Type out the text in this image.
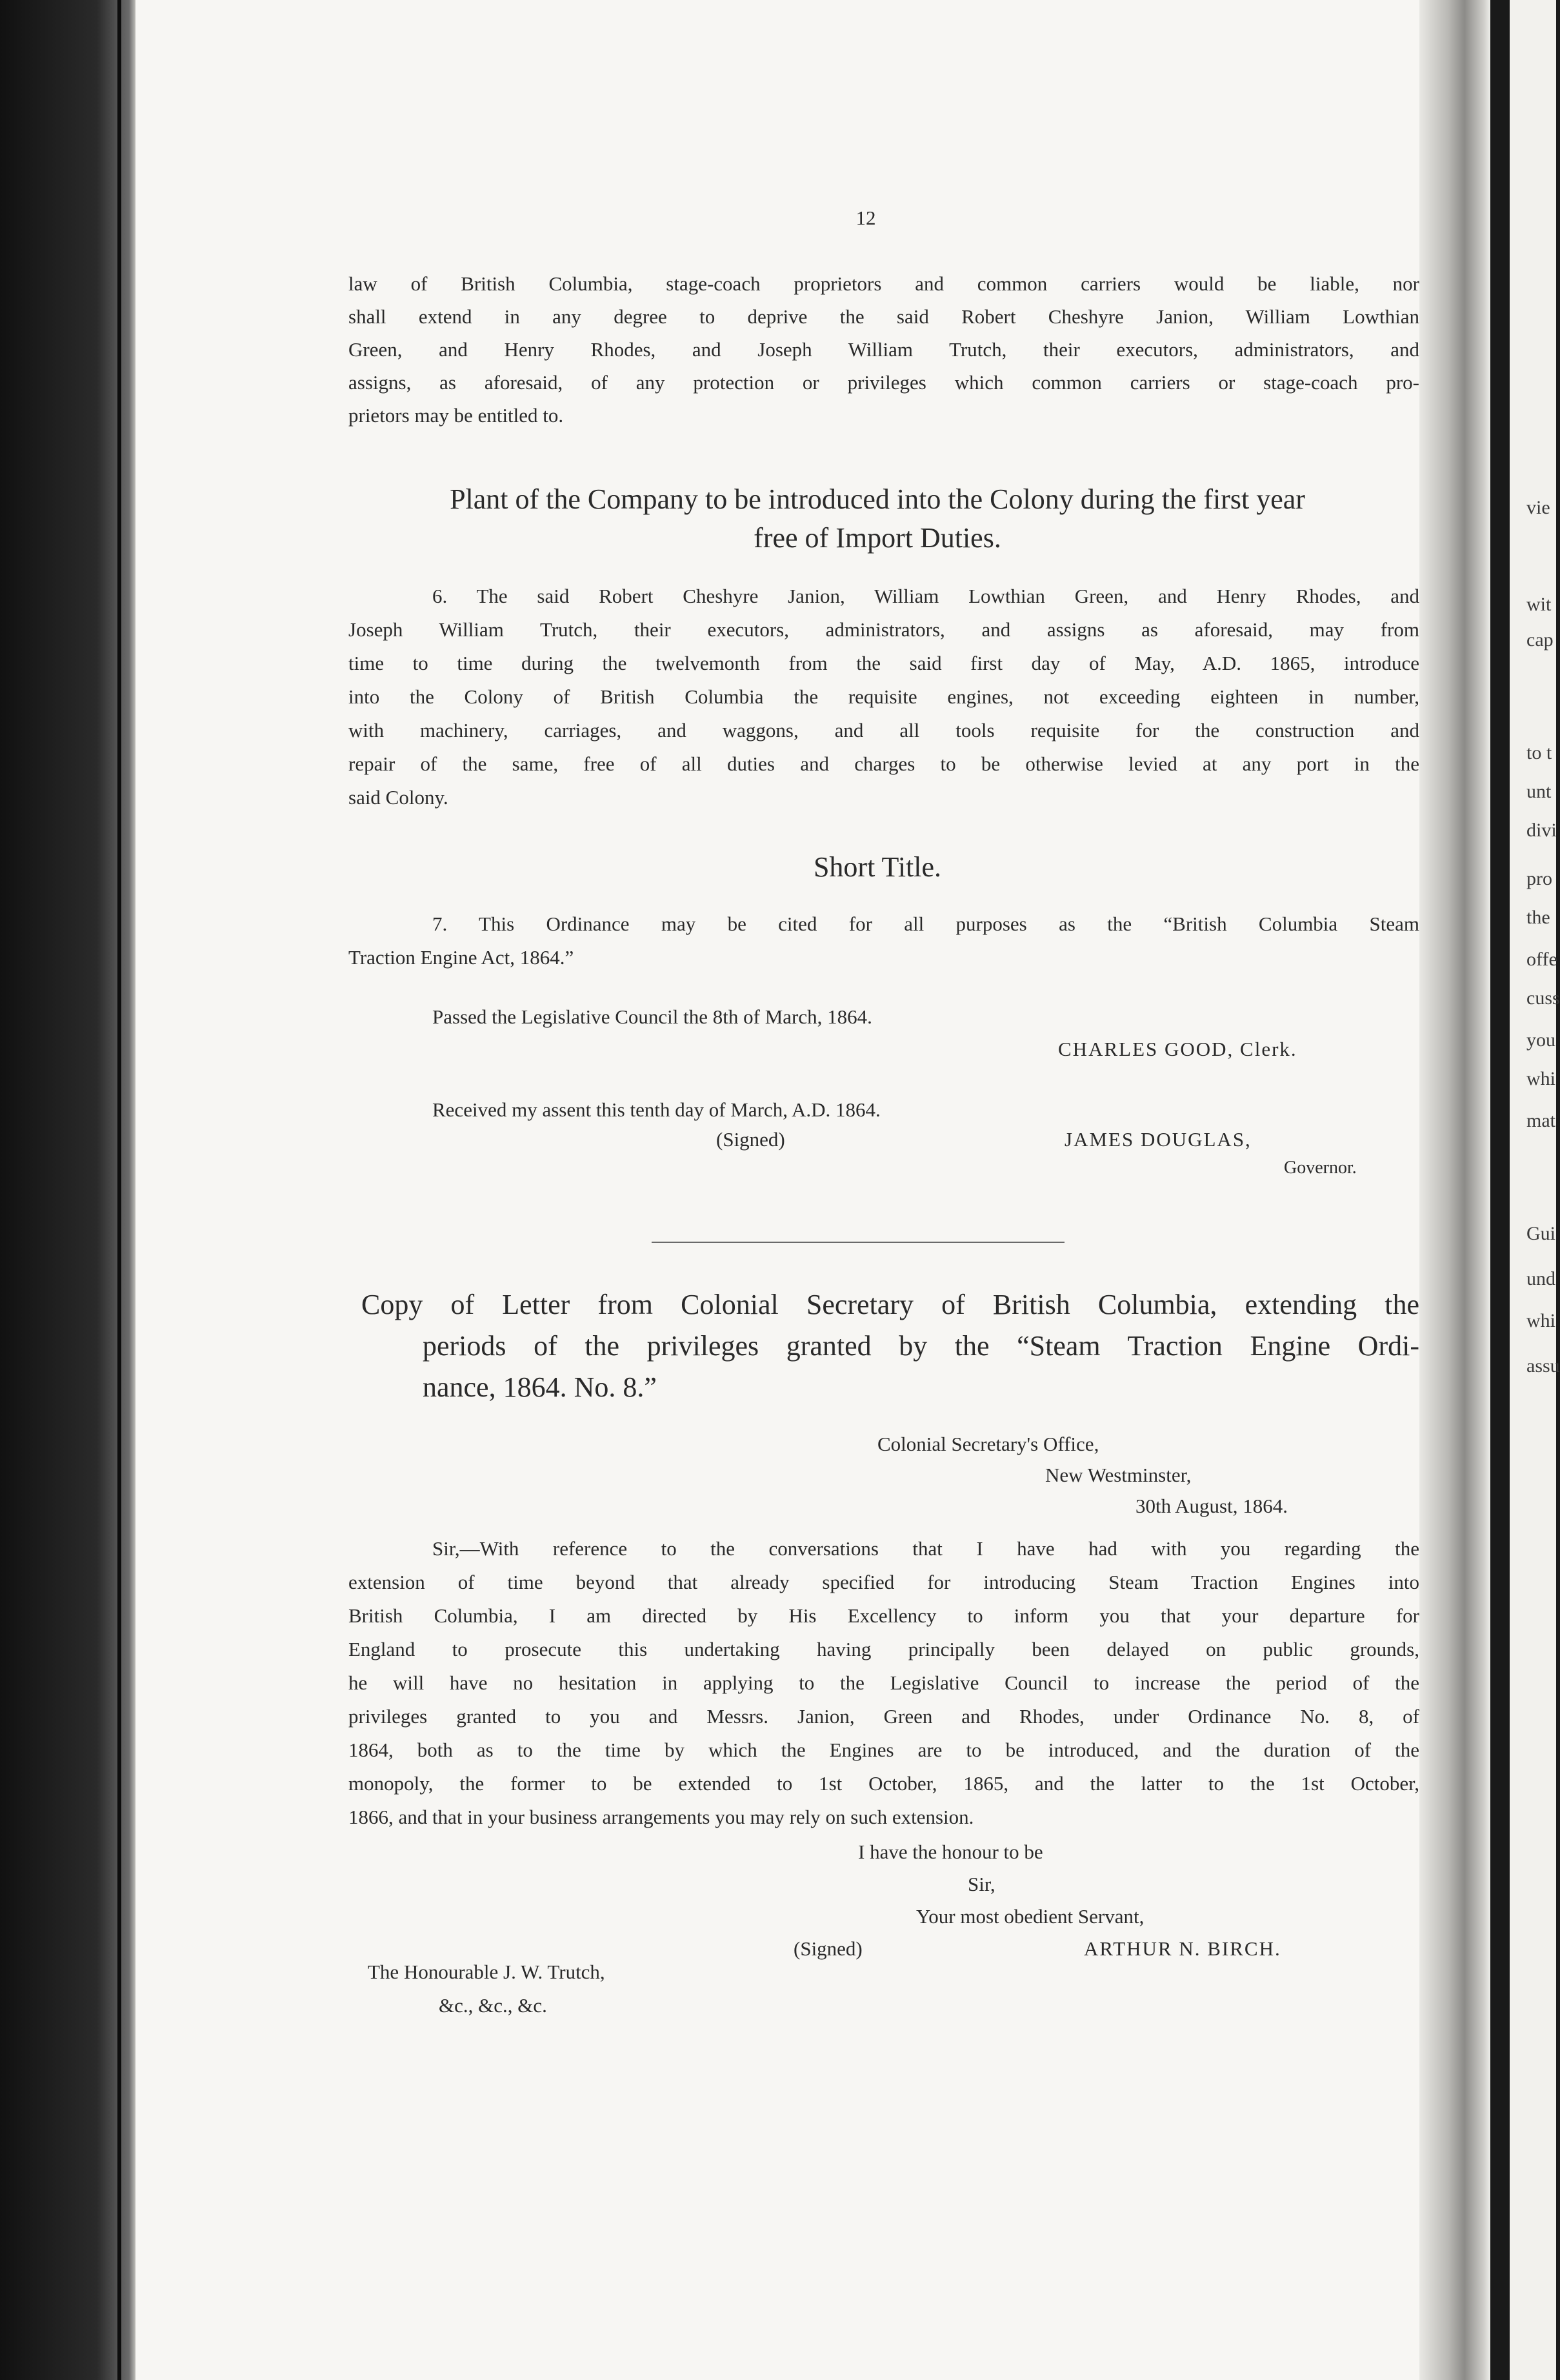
12
law of British Columbia, stage-coach proprietors and common carriers would be liable, nor
shall extend in any degree to deprive the said Robert Cheshyre Janion, William Lowthian
Green, and Henry Rhodes, and Joseph William Trutch, their executors, administrators, and
assigns, as aforesaid, of any protection or privileges which common carriers or stage-coach pro-
prietors may be entitled to.
Plant of the Company to be introduced into the Colony during the first year
free of Import Duties.
6. The said Robert Cheshyre Janion, William Lowthian Green, and Henry Rhodes, and
Joseph William Trutch, their executors, administrators, and assigns as aforesaid, may from
time to time during the twelvemonth from the said first day of May, A.D. 1865, introduce
into the Colony of British Columbia the requisite engines, not exceeding eighteen in number,
with machinery, carriages, and waggons, and all tools requisite for the construction and
repair of the same, free of all duties and charges to be otherwise levied at any port in the
said Colony.
Short Title.
7. This Ordinance may be cited for all purposes as the “British Columbia Steam
Traction Engine Act, 1864.”
Passed the Legislative Council the 8th of March, 1864.
CHARLES GOOD, Clerk.
Received my assent this tenth day of March, A.D. 1864.
(Signed)	JAMES DOUGLAS,
Governor.
Copy of Letter from Colonial Secretary of British Columbia, extending the
periods of the privileges granted by the “Steam Traction Engine Ordi-
nance, 1864. No. 8.”
Colonial Secretary's Office,
New Westminster,
30th August, 1864.
Sir,—With reference to the conversations that I have had with you regarding the
extension of time beyond that already specified for introducing Steam Traction Engines into
British Columbia, I am directed by His Excellency to inform you that your departure for
England to prosecute this undertaking having principally been delayed on public grounds,
he will have no hesitation in applying to the Legislative Council to increase the period of the
privileges granted to you and Messrs. Janion, Green and Rhodes, under Ordinance No. 8, of
1864, both as to the time by which the Engines are to be introduced, and the duration of the
monopoly, the former to be extended to 1st October, 1865, and the latter to the 1st October,
1866, and that in your business arrangements you may rely on such extension.
I have the honour to be
Sir,
Your most obedient Servant,
(Signed)	ARTHUR N. BIRCH.
The Honourable J. W. Trutch,
&c., &c., &c.
vie
wit
cap
to t
unt
divi
pro
the
offe
cuss
you
whi
mat
Gui
und
whi
assu
